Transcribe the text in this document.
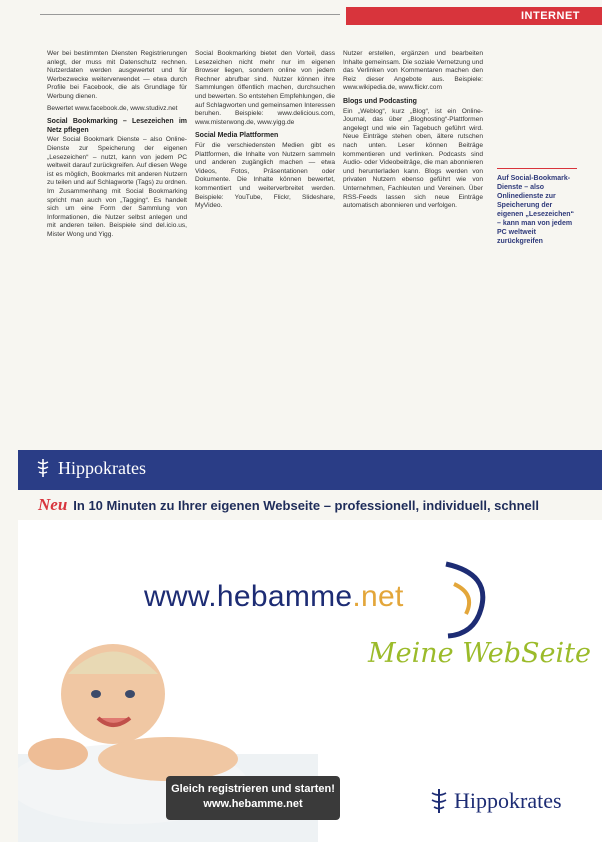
INTERNET

Wer bei bestimmten Diensten Registrierungen anlegt, der muss mit Datenschutz rechnen. Nutzerdaten werden ausgewertet und für Werbezwecke weiterverwendet — etwa durch Profile bei Facebook, die als Grundlage für Werbung dienen.

Bewertet www.facebook.de, www.studivz.net

Social Bookmarking – Lesezeichen im Netz pflegen

Wer Social Bookmark Dienste – also Online-Dienste zur Speicherung der eigenen „Lesezeichen“ – nutzt, kann von jedem PC weltweit darauf zurückgreifen. Auf diesen Wege ist es möglich, Bookmarks mit anderen Nutzern zu teilen und auf Schlagworte (Tags) zu ordnen. Im Zusammenhang mit Social Bookmarking spricht man auch von „Tagging“. Es handelt sich um eine Form der Sammlung von Informationen, die Nutzer selbst anlegen und mit anderen teilen. Beispiele sind del.icio.us, Mister Wong und Yigg.

Social Bookmarking bietet den Vorteil, dass Lesezeichen nicht mehr nur im eigenen Browser liegen, sondern online von jedem Rechner abrufbar sind. Nutzer können ihre Sammlungen öffentlich machen, durchsuchen und bewerten. So entstehen Empfehlungen, die auf Schlagworten und gemeinsamen Interessen beruhen. Beispiele: www.delicious.com, www.misterwong.de, www.yigg.de

Social Media Plattformen

Für die verschiedensten Medien gibt es Plattformen, die Inhalte von Nutzern sammeln und anderen zugänglich machen — etwa Videos, Fotos, Präsentationen oder Dokumente. Die Inhalte können bewertet, kommentiert und weiterverbreitet werden. Beispiele: YouTube, Flickr, Slideshare, MyVideo.

Nutzer erstellen, ergänzen und bearbeiten Inhalte gemeinsam. Die soziale Vernetzung und das Verlinken von Kommentaren machen den Reiz dieser Angebote aus. Beispiele: www.wikipedia.de, www.flickr.com

Blogs und Podcasting

Ein „Weblog“, kurz „Blog“, ist ein Online-Journal, das über „Bloghosting“-Plattformen angelegt und wie ein Tagebuch geführt wird. Neue Einträge stehen oben, ältere rutschen nach unten. Leser können Beiträge kommentieren und verlinken. Podcasts sind Audio- oder Videobeiträge, die man abonnieren und herunterladen kann. Blogs werden von privaten Nutzern ebenso geführt wie von Unternehmen, Fachleuten und Vereinen. Über RSS-Feeds lassen sich neue Einträge automatisch abonnieren und verfolgen.

Auf Social-Bookmark-Dienste – also Onlinedienste zur Speicherung der eigenen „Lesezeichen“ – kann man von jedem PC weltweit zurückgreifen
Hippokrates
Neu In 10 Minuten zu Ihrer eigenen Webseite – professionell, individuell, schnell
www.hebamme.net
Meine WebSeite
Gleich registrieren und starten!
www.hebamme.net	Hippokrates
